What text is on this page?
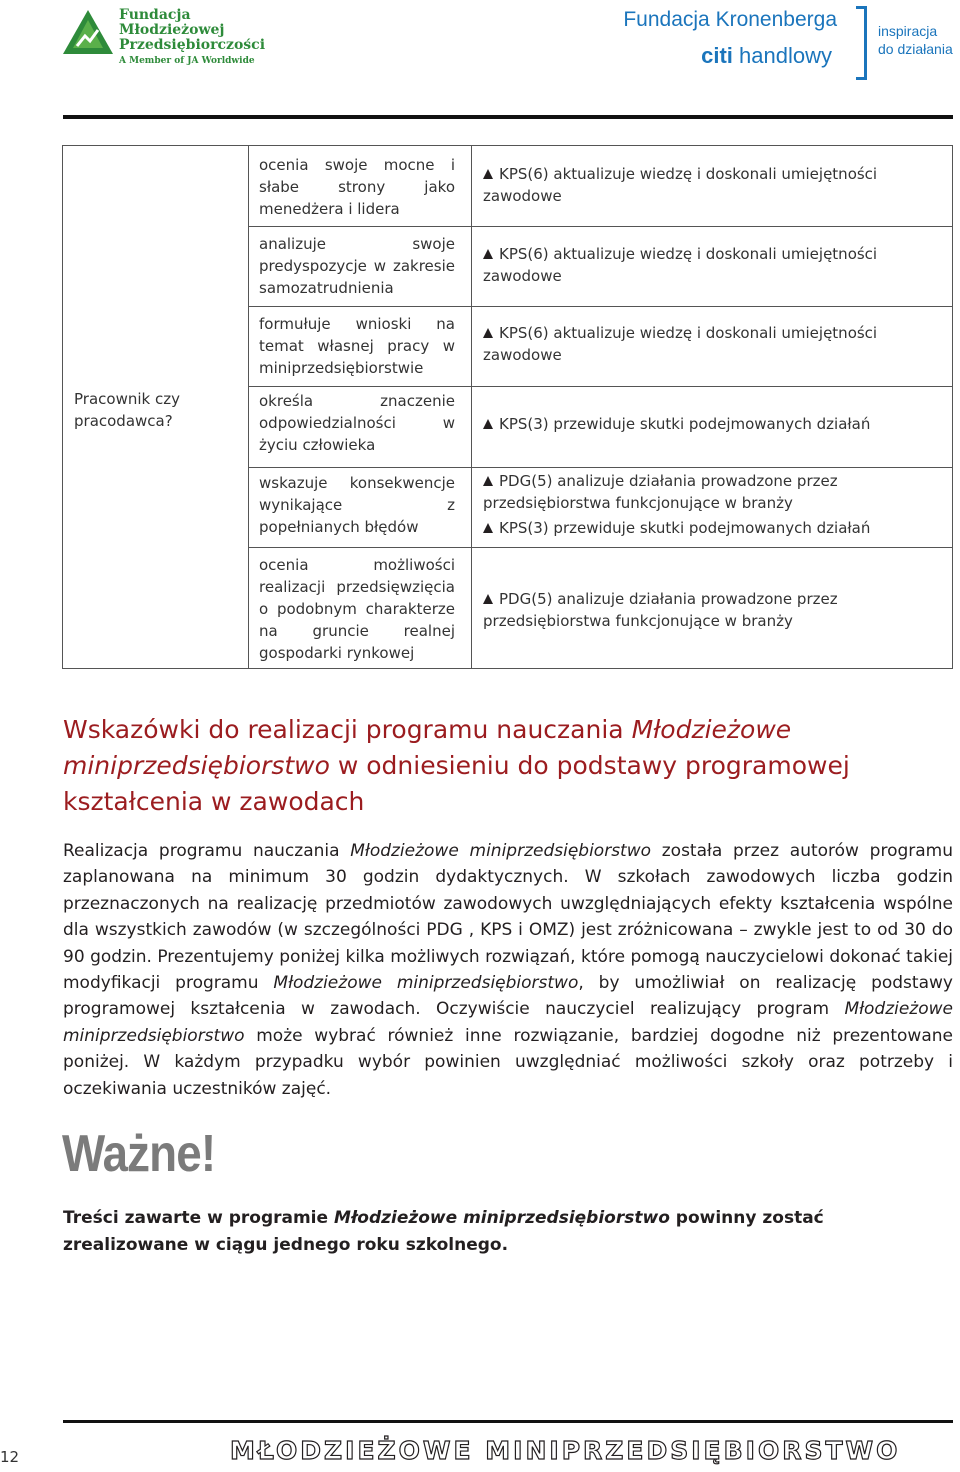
Fundacja
Młodzieżowej
Przedsiębiorczości
A Member of JA Worldwide
Fundacja Kronenberga
citi handlowy
inspiracja
do działania
Pracownik czy pracodawca?
ocenia swoje mocne i słabe strony jako menedżera i lidera
analizuje swoje predyspozycje w zakresie samozatrudnienia
formułuje wnioski na temat własnej pracy w miniprzedsiębiorstwie
określa znaczenie odpowiedzialności w życiu człowieka
wskazuje konsekwencje wynikające z popełnianych błędów
ocenia możliwości realizacji przedsięwzięcia o podobnym charakterze na gruncie realnej gospodarki rynkowej
KPS(6) aktualizuje wiedzę i doskonali umiejętności zawodowe
KPS(6) aktualizuje wiedzę i doskonali umiejętności zawodowe
KPS(6) aktualizuje wiedzę i doskonali umiejętności zawodowe
KPS(3) przewiduje skutki podejmowanych działań
PDG(5) analizuje działania prowadzone przez przedsiębiorstwa funkcjonujące w branży
KPS(3) przewiduje skutki podejmowanych działań
PDG(5) analizuje działania prowadzone przez przedsiębiorstwa funkcjonujące w branży
Wskazówki do realizacji programu nauczania Młodzieżowe miniprzedsiębiorstwo w odniesieniu do podstawy programowej kształcenia w zawodach
Realizacja programu nauczania Młodzieżowe miniprzedsiębiorstwo została przez autorów programu zaplanowana na minimum 30 godzin dydaktycznych. W szkołach zawodowych liczba godzin przeznaczonych na realizację przedmiotów zawodowych uwzględniających efekty kształcenia wspólne dla wszystkich zawodów (w szczególności PDG , KPS i OMZ) jest zróżnicowana – zwykle jest to od 30 do 90 godzin. Prezentujemy poniżej kilka możliwych rozwiązań, które pomogą nauczycielowi dokonać takiej modyfikacji programu Młodzieżowe miniprzedsiębiorstwo, by umożliwiał on realizację podstawy programowej kształcenia w zawodach. Oczywiście nauczyciel realizujący program Młodzieżowe miniprzedsiębiorstwo może wybrać również inne rozwiązanie, bardziej dogodne niż prezentowane poniżej. W każdym przypadku wybór powinien uwzględniać możliwości szkoły oraz potrzeby i oczekiwania uczestników zajęć.
Ważne!
Treści zawarte w programie Młodzieżowe miniprzedsiębiorstwo powinny zostać zrealizowane w ciągu jednego roku szkolnego.
12	MŁODZIEŻOWE MINIPRZEDSIĘBIORSTWO
